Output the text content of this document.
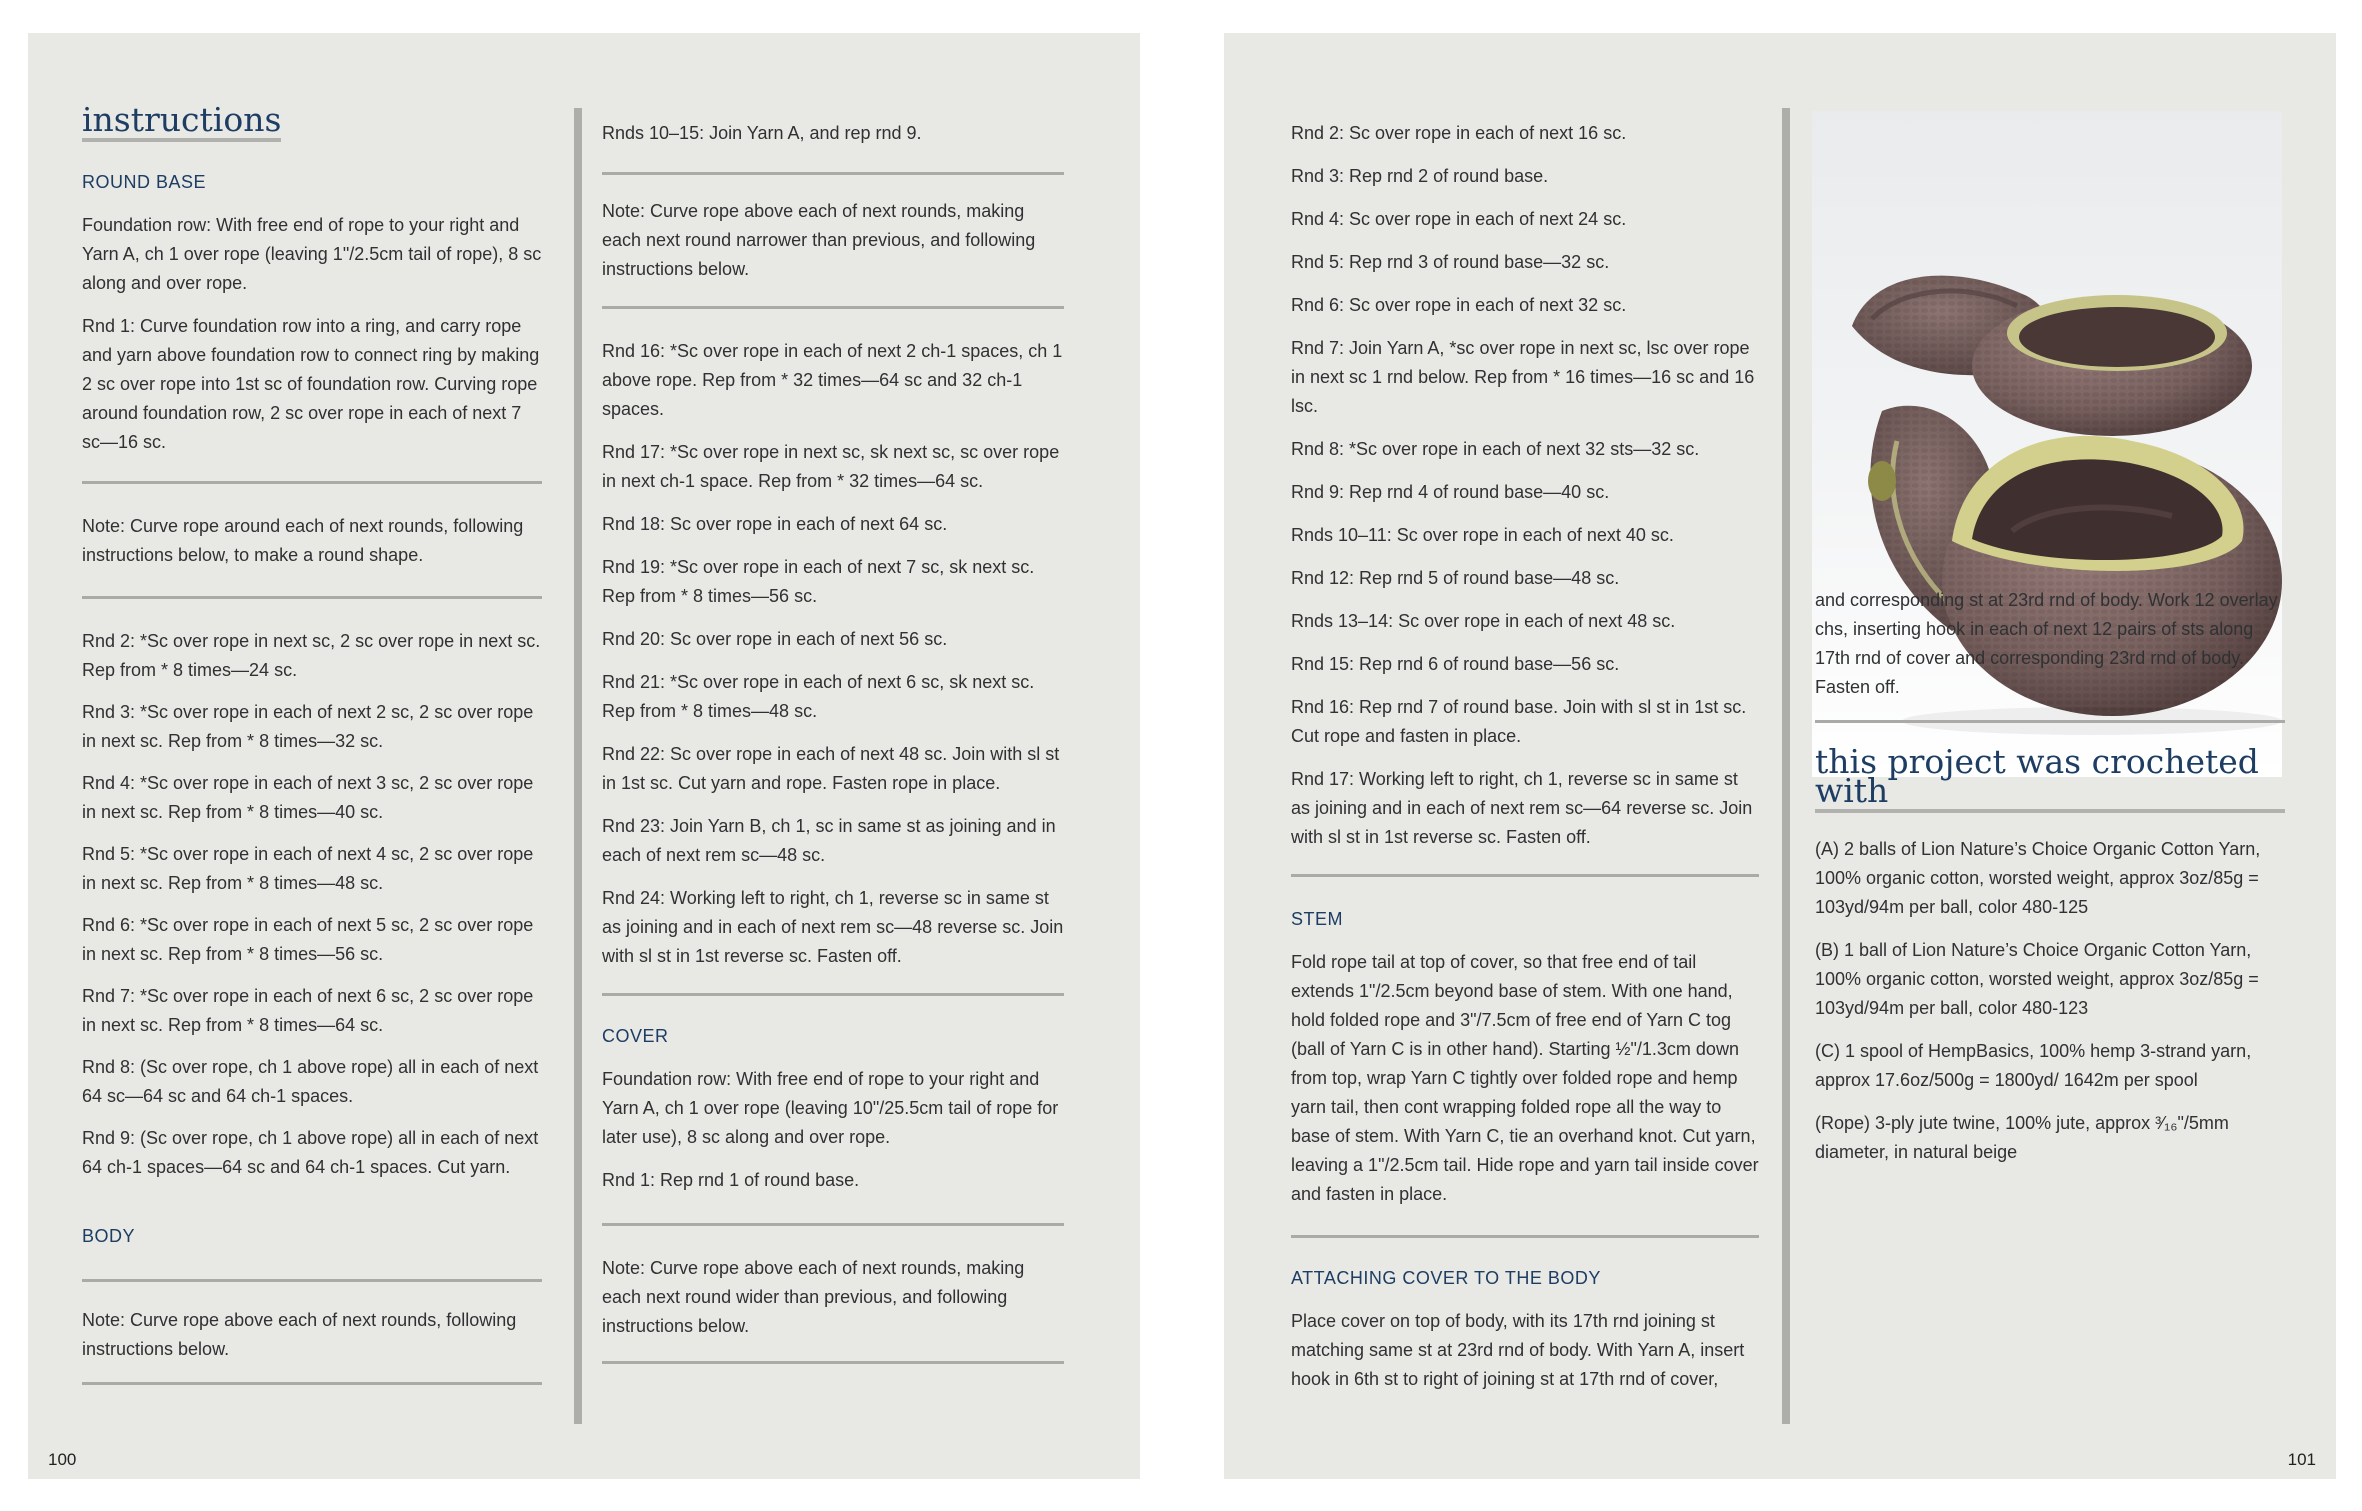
instructions

ROUND BASE

Foundation row: With free end of rope to your right and Yarn A, ch 1 over rope (leaving 1"/2.5cm tail of rope), 8 sc along and over rope.

Rnd 1: Curve foundation row into a ring, and carry rope and yarn above foundation row to connect ring by making 2 sc over rope into 1st sc of foundation row. Curving rope around foundation row, 2 sc over rope in each of next 7 sc—16 sc.

Note: Curve rope around each of next rounds, following instructions below, to make a round shape.

Rnd 2: *Sc over rope in next sc, 2 sc over rope in next sc. Rep from * 8 times—24 sc.

Rnd 3: *Sc over rope in each of next 2 sc, 2 sc over rope in next sc. Rep from * 8 times—32 sc.

Rnd 4: *Sc over rope in each of next 3 sc, 2 sc over rope in next sc. Rep from * 8 times—40 sc.

Rnd 5: *Sc over rope in each of next 4 sc, 2 sc over rope in next sc. Rep from * 8 times—48 sc.

Rnd 6: *Sc over rope in each of next 5 sc, 2 sc over rope in next sc. Rep from * 8 times—56 sc.

Rnd 7: *Sc over rope in each of next 6 sc, 2 sc over rope in next sc. Rep from * 8 times—64 sc.

Rnd 8: (Sc over rope, ch 1 above rope) all in each of next 64 sc—64 sc and 64 ch-1 spaces.

Rnd 9: (Sc over rope, ch 1 above rope) all in each of next 64 ch-1 spaces—64 sc and 64 ch-1 spaces. Cut yarn.

BODY

Note: Curve rope above each of next rounds, following instructions below.

Rnds 10–15: Join Yarn A, and rep rnd 9.

Note: Curve rope above each of next rounds, making each next round narrower than previous, and following instructions below.

Rnd 16: *Sc over rope in each of next 2 ch-1 spaces, ch 1 above rope. Rep from * 32 times—64 sc and 32 ch-1 spaces.

Rnd 17: *Sc over rope in next sc, sk next sc, sc over rope in next ch-1 space. Rep from * 32 times—64 sc.

Rnd 18: Sc over rope in each of next 64 sc.

Rnd 19: *Sc over rope in each of next 7 sc, sk next sc. Rep from * 8 times—56 sc.

Rnd 20: Sc over rope in each of next 56 sc.

Rnd 21: *Sc over rope in each of next 6 sc, sk next sc. Rep from * 8 times—48 sc.

Rnd 22: Sc over rope in each of next 48 sc. Join with sl st in 1st sc. Cut yarn and rope. Fasten rope in place.

Rnd 23: Join Yarn B, ch 1, sc in same st as joining and in each of next rem sc—48 sc.

Rnd 24: Working left to right, ch 1, reverse sc in same st as joining and in each of next rem sc—48 reverse sc. Join with sl st in 1st reverse sc. Fasten off.

COVER

Foundation row: With free end of rope to your right and Yarn A, ch 1 over rope (leaving 10"/25.5cm tail of rope for later use), 8 sc along and over rope.

Rnd 1: Rep rnd 1 of round base.

Note: Curve rope above each of next rounds, making each next round wider than previous, and following instructions below.

100

Rnd 2: Sc over rope in each of next 16 sc.

Rnd 3: Rep rnd 2 of round base.

Rnd 4: Sc over rope in each of next 24 sc.

Rnd 5: Rep rnd 3 of round base—32 sc.

Rnd 6: Sc over rope in each of next 32 sc.

Rnd 7: Join Yarn A, *sc over rope in next sc, lsc over rope in next sc 1 rnd below. Rep from * 16 times—16 sc and 16 lsc.

Rnd 8: *Sc over rope in each of next 32 sts—32 sc.

Rnd 9: Rep rnd 4 of round base—40 sc.

Rnds 10–11: Sc over rope in each of next 40 sc.

Rnd 12: Rep rnd 5 of round base—48 sc.

Rnds 13–14: Sc over rope in each of next 48 sc.

Rnd 15: Rep rnd 6 of round base—56 sc.

Rnd 16: Rep rnd 7 of round base. Join with sl st in 1st sc. Cut rope and fasten in place.

Rnd 17: Working left to right, ch 1, reverse sc in same st as joining and in each of next rem sc—64 reverse sc. Join with sl st in 1st reverse sc. Fasten off.

STEM

Fold rope tail at top of cover, so that free end of tail extends 1"/2.5cm beyond base of stem. With one hand, hold folded rope and 3"/7.5cm of free end of Yarn C tog (ball of Yarn C is in other hand). Starting ½"/1.3cm down from top, wrap Yarn C tightly over folded rope and hemp yarn tail, then cont wrapping folded rope all the way to base of stem. With Yarn C, tie an overhand knot. Cut yarn, leaving a 1"/2.5cm tail. Hide rope and yarn tail inside cover and fasten in place.

ATTACHING COVER TO THE BODY

Place cover on top of body, with its 17th rnd joining st matching same st at 23rd rnd of body. With Yarn A, insert hook in 6th st to right of joining st at 17th rnd of cover,

and corresponding st at 23rd rnd of body. Work 12 overlay chs, inserting hook in each of next 12 pairs of sts along 17th rnd of cover and corresponding 23rd rnd of body. Fasten off.

this project was crocheted with

(A) 2 balls of Lion Nature’s Choice Organic Cotton Yarn, 100% organic cotton, worsted weight, approx 3oz/85g = 103yd/94m per ball, color 480-125

(B) 1 ball of Lion Nature’s Choice Organic Cotton Yarn, 100% organic cotton, worsted weight, approx 3oz/85g = 103yd/94m per ball, color 480-123

(C) 1 spool of HempBasics, 100% hemp 3-strand yarn, approx 17.6oz/500g = 1800yd/ 1642m per spool

(Rope) 3-ply jute twine, 100% jute, approx ³⁄₁₆"/5mm diameter, in natural beige

101
